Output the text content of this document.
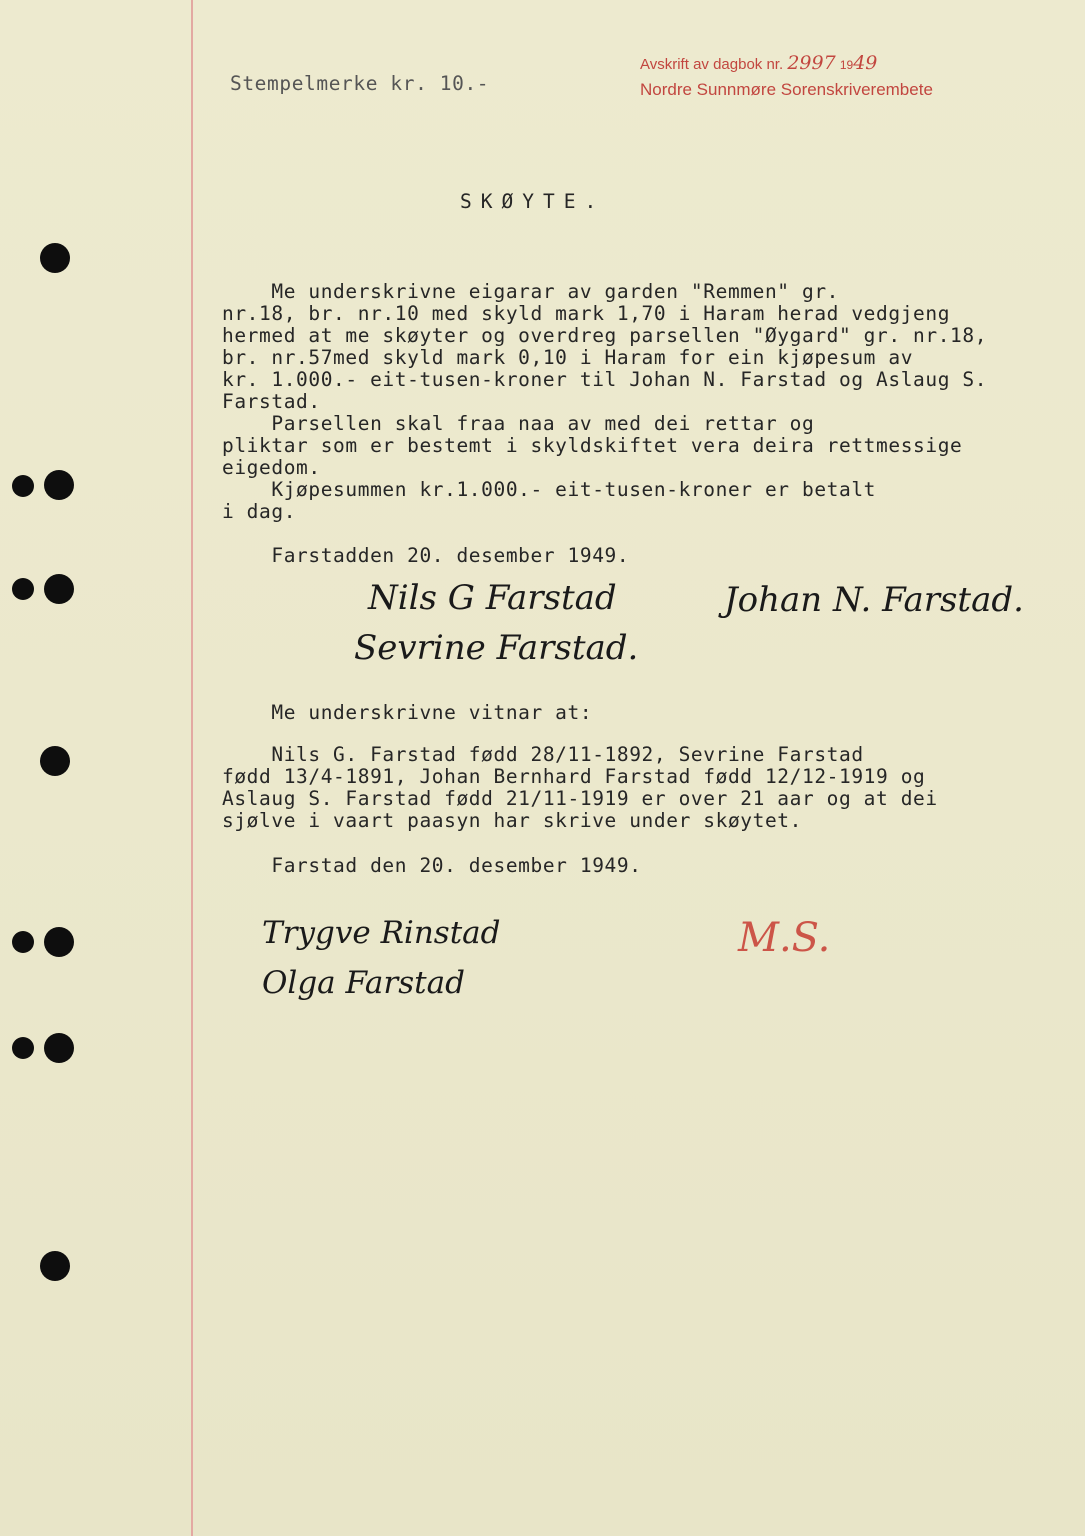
Stempelmerke kr. 10.-
Avskrift av dagbok nr. 2997 1949
Nordre Sunnmøre Sorenskriverembete
SKØYTE.
Me underskrivne eigarar av garden "Remmen" gr.
nr.18, br. nr.10 med skyld mark 1,70 i Haram herad vedgjeng
hermed at me skøyter og overdreg parsellen "Øygard" gr. nr.18,
br. nr.57med skyld mark 0,10 i Haram for ein kjøpesum av
kr. 1.000.- eit-tusen-kroner til Johan N. Farstad og Aslaug S.
Farstad.
Parsellen skal fraa naa av med dei rettar og
pliktar som er bestemt i skyldskiftet vera deira rettmessige
eigedom.
Kjøpesummen kr.1.000.- eit-tusen-kroner er betalt
i dag.
Farstadden 20. desember 1949.
Nils G Farstad
Sevrine Farstad.
Johan N. Farstad.
Me underskrivne vitnar at:
Nils G. Farstad fødd 28/11-1892, Sevrine Farstad
fødd 13/4-1891, Johan Bernhard Farstad fødd 12/12-1919 og
Aslaug S. Farstad fødd 21/11-1919 er over 21 aar og at dei
sjølve i vaart paasyn har skrive under skøytet.
Farstad den 20. desember 1949.
Trygve Rinstad
Olga Farstad
M.S.
